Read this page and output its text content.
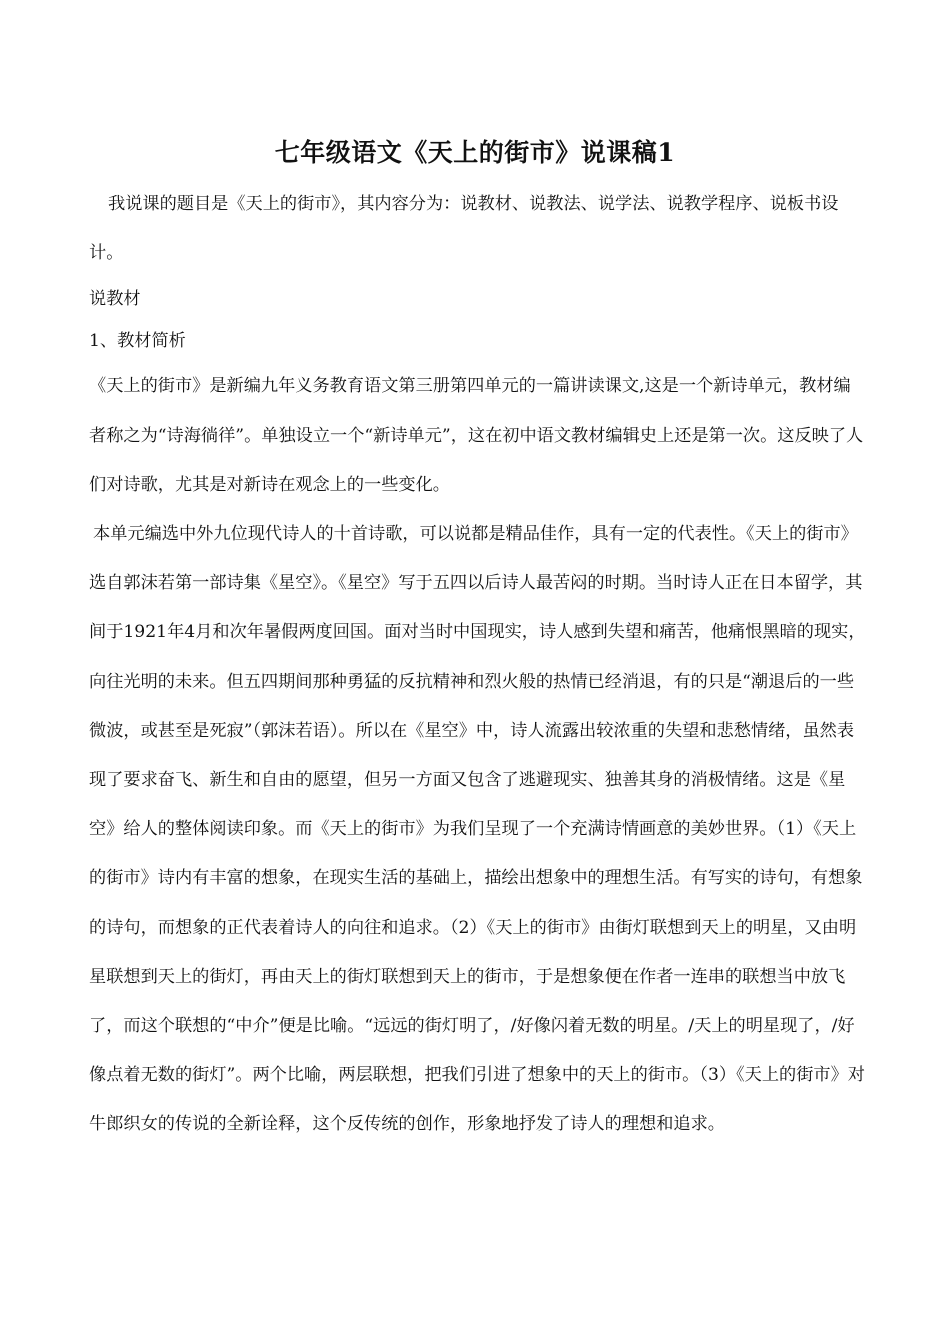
七年级语文《天上的街市》说课稿1

我说课的题目是《天上的街市》，其内容分为：说教材、说教法、说学法、说教学程序、说板书设计。

说教材

1、教材简析

《天上的街市》是新编九年义务教育语文第三册第四单元的一篇讲读课文,这是一个新诗单元，教材编者称之为“诗海徜徉”。单独设立一个“新诗单元”，这在初中语文教材编辑史上还是第一次。这反映了人们对诗歌，尤其是对新诗在观念上的一些变化。

本单元编选中外九位现代诗人的十首诗歌，可以说都是精品佳作，具有一定的代表性。《天上的街市》选自郭沫若第一部诗集《星空》。《星空》写于五四以后诗人最苦闷的时期。当时诗人正在日本留学，其间于1921年4月和次年暑假两度回国。面对当时中国现实，诗人感到失望和痛苦，他痛恨黑暗的现实，向往光明的未来。但五四期间那种勇猛的反抗精神和烈火般的热情已经消退，有的只是“潮退后的一些微波，或甚至是死寂”（郭沫若语）。所以在《星空》中，诗人流露出较浓重的失望和悲愁情绪，虽然表现了要求奋飞、新生和自由的愿望，但另一方面又包含了逃避现实、独善其身的消极情绪。这是《星空》给人的整体阅读印象。而《天上的街市》为我们呈现了一个充满诗情画意的美妙世界。（1）《天上的街市》诗内有丰富的想象，在现实生活的基础上，描绘出想象中的理想生活。有写实的诗句，有想象的诗句，而想象的正代表着诗人的向往和追求。（2）《天上的街市》由街灯联想到天上的明星，又由明星联想到天上的街灯，再由天上的街灯联想到天上的街市，于是想象便在作者一连串的联想当中放飞了，而这个联想的“中介”便是比喻。“远远的街灯明了，/好像闪着无数的明星。/天上的明星现了，/好像点着无数的街灯”。两个比喻，两层联想，把我们引进了想象中的天上的街市。（3）《天上的街市》对牛郎织女的传说的全新诠释，这个反传统的创作，形象地抒发了诗人的理想和追求。
